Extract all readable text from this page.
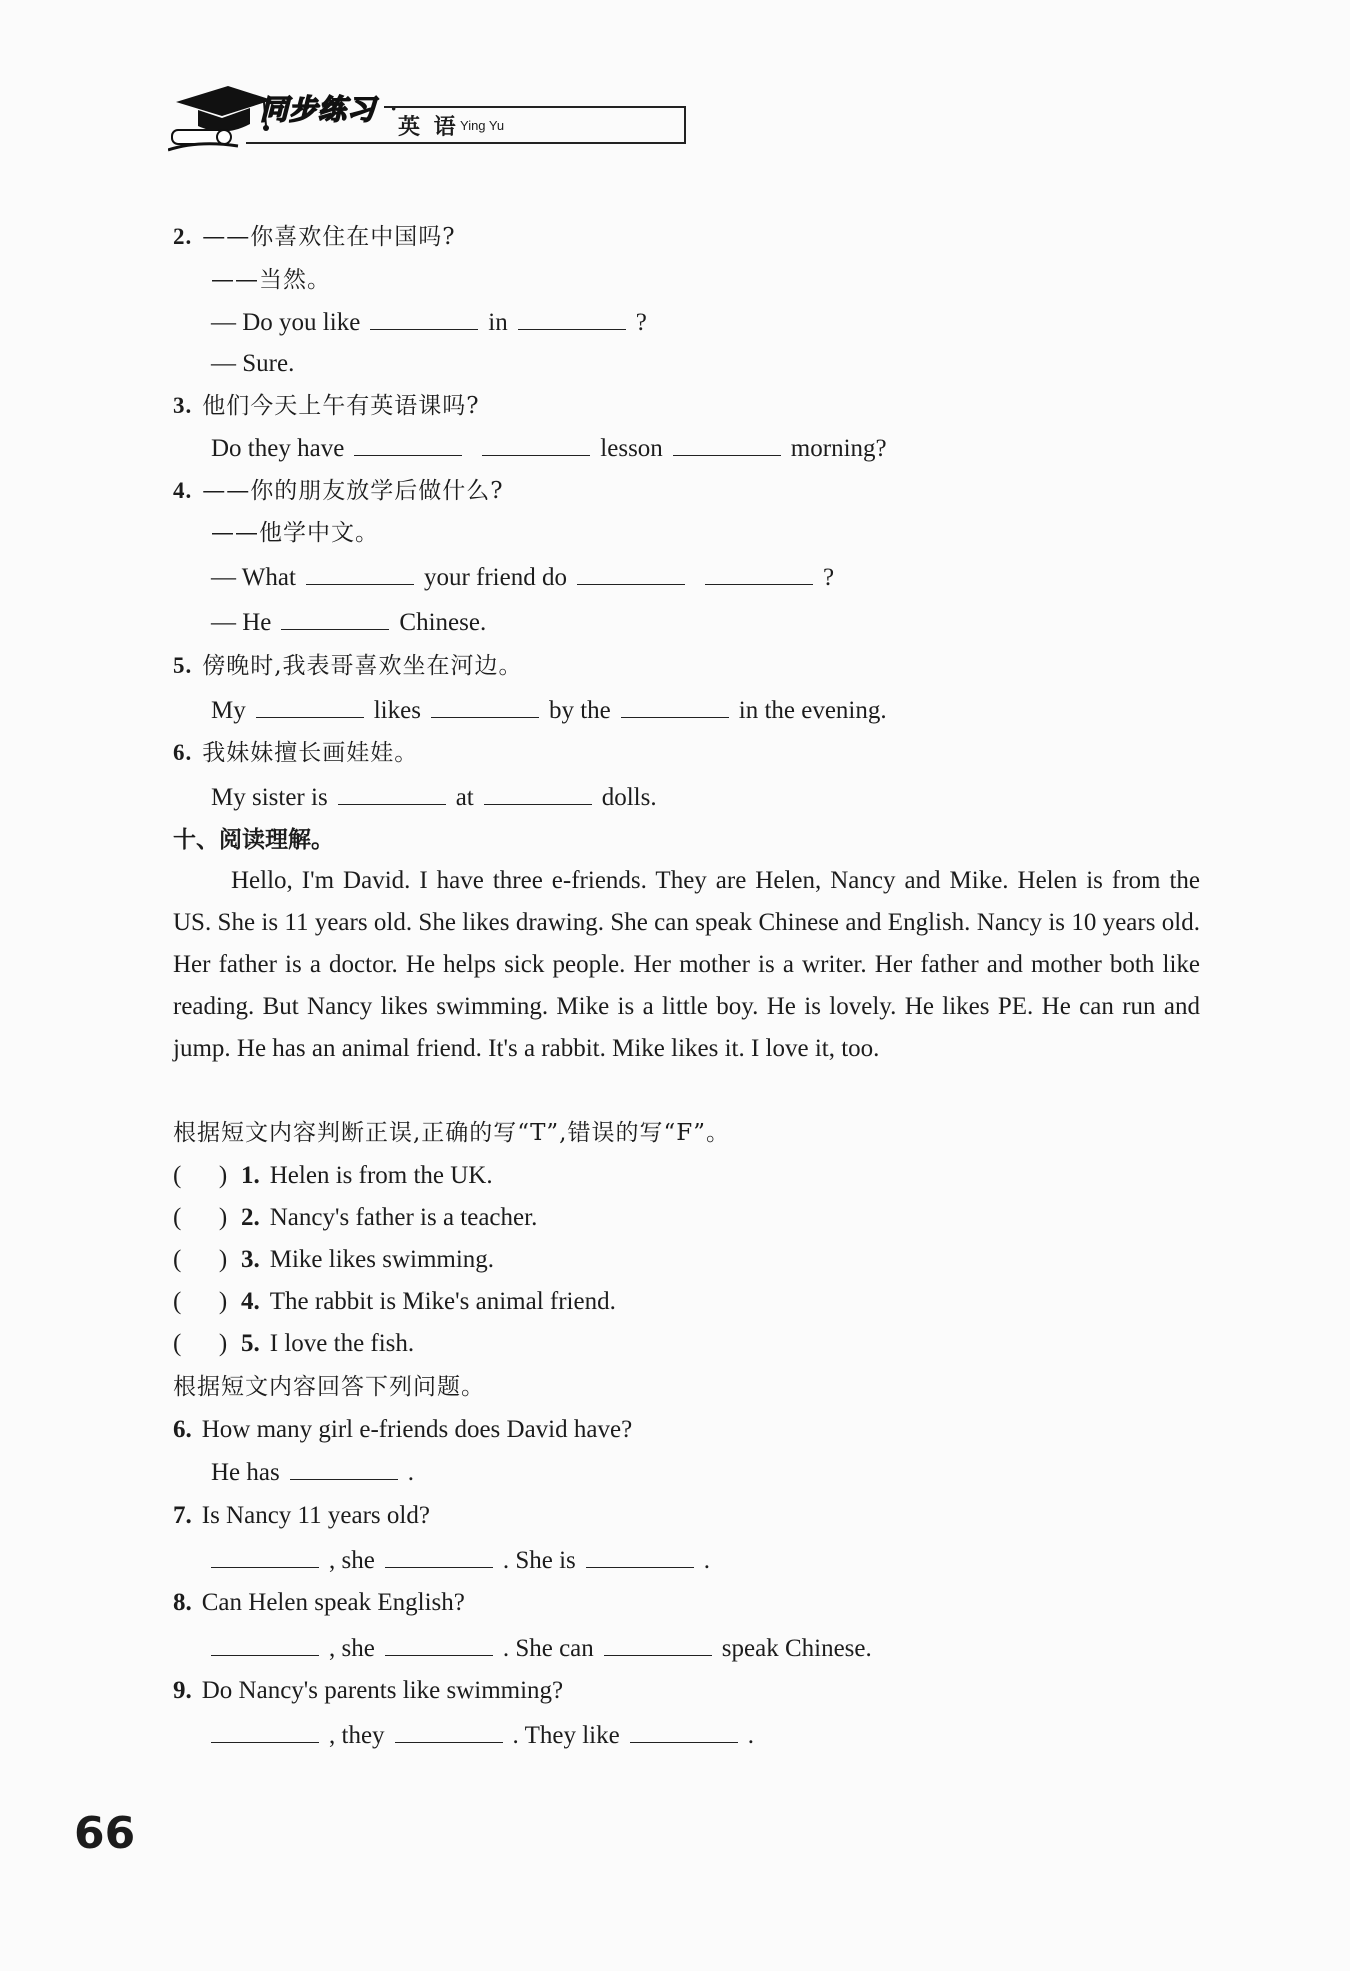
同步练习 ·
英 语 Ying Yu
2. ——你喜欢住在中国吗?
——当然。
— Do you like	in	?
— Sure.
3. 他们今天上午有英语课吗?
Do they have	lesson	morning?
4. ——你的朋友放学后做什么?
——他学中文。
— What	your friend do	?
— He	Chinese.
5. 傍晚时,我表哥喜欢坐在河边。
My	likes	by the	in the evening.
6. 我妹妹擅长画娃娃。
My sister is	at	dolls.
十、阅读理解。

Hello, I'm David. I have three e-friends. They are Helen, Nancy and Mike. Helen is from the US. She is 11 years old. She likes drawing. She can speak Chinese and English. Nancy is 10 years old. Her father is a doctor. He helps sick people. Her mother is a writer. Her father and mother both like reading. But Nancy likes swimming. Mike is a little boy. He is lovely. He likes PE. He can run and jump. He has an animal friend. It's a rabbit. Mike likes it. I love it, too.

根据短文内容判断正误,正确的写“T”,错误的写“F”。
(      ) 1. Helen is from the UK.
(      ) 2. Nancy's father is a teacher.
(      ) 3. Mike likes swimming.
(      ) 4. The rabbit is Mike's animal friend.
(      ) 5. I love the fish.
根据短文内容回答下列问题。
6. How many girl e-friends does David have?
He has	.
7. Is Nancy 11 years old?
, she	. She is	.
8. Can Helen speak English?
, she	. She can	speak Chinese.
9. Do Nancy's parents like swimming?
, they	. They like	.
66
